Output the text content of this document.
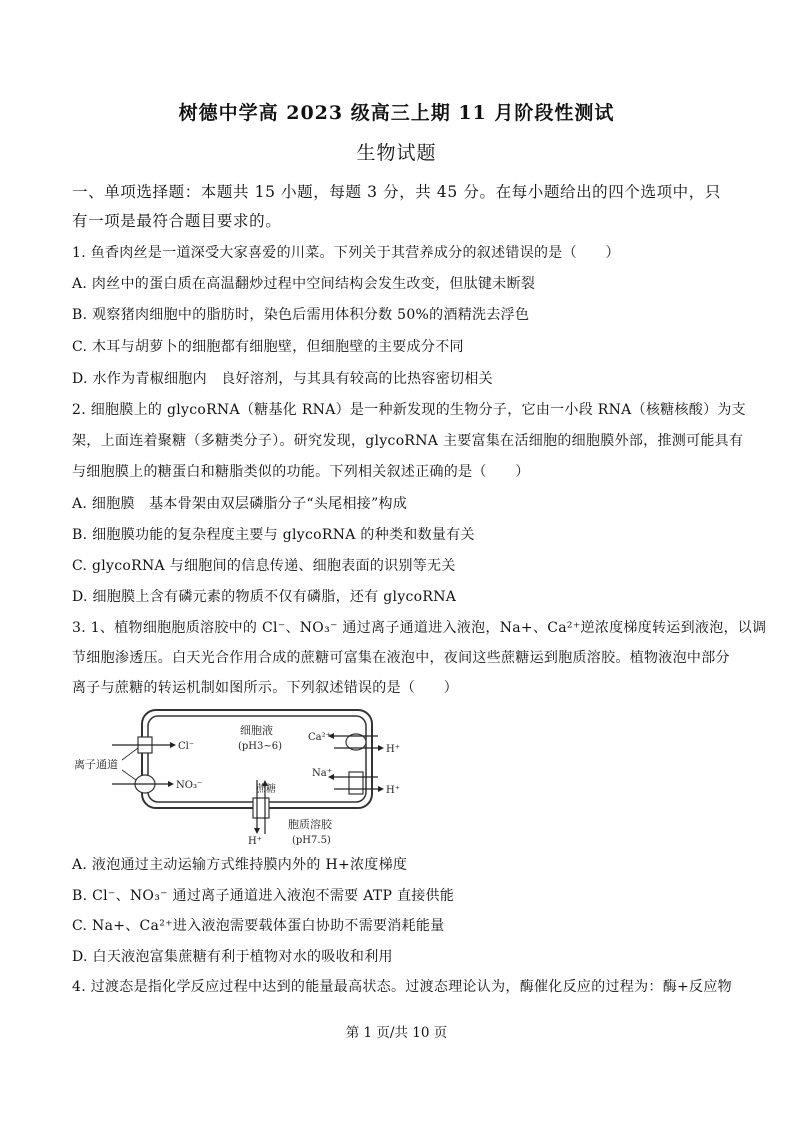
树德中学高 2023 级高三上期 11 月阶段性测试
生物试题
一、单项选择题：本题共 15 小题，每题 3 分，共 45 分。在每小题给出的四个选项中，只
有一项是最符合题目要求的。
1. 鱼香肉丝是一道深受大家喜爱的川菜。下列关于其营养成分的叙述错误的是（　　）
A. 肉丝中的蛋白质在高温翻炒过程中空间结构会发生改变，但肽键未断裂
B. 观察猪肉细胞中的脂肪时，染色后需用体积分数 50%的酒精洗去浮色
C. 木耳与胡萝卜的细胞都有细胞壁，但细胞壁的主要成分不同
D. 水作为青椒细胞内　良好溶剂，与其具有较高的比热容密切相关
2. 细胞膜上的 glycoRNA（糖基化 RNA）是一种新发现的生物分子，它由一小段 RNA（核糖核酸）为支
架，上面连着聚糖（多糖类分子）。研究发现，glycoRNA 主要富集在活细胞的细胞膜外部，推测可能具有
与细胞膜上的糖蛋白和糖脂类似的功能。下列相关叙述正确的是（　　）
A. 细胞膜　基本骨架由双层磷脂分子“头尾相接”构成
B. 细胞膜功能的复杂程度主要与 glycoRNA 的种类和数量有关
C. glycoRNA 与细胞间的信息传递、细胞表面的识别等无关
D. 细胞膜上含有磷元素的物质不仅有磷脂，还有 glycoRNA
3. 1、植物细胞胞质溶胶中的 Cl⁻、NO₃⁻ 通过离子通道进入液泡，Na+、Ca²⁺逆浓度梯度转运到液泡，以调
节细胞渗透压。白天光合作用合成的蔗糖可富集在液泡中，夜间这些蔗糖运到胞质溶胶。植物液泡中部分
离子与蔗糖的转运机制如图所示。下列叙述错误的是（　　）
细胞液
(pH3~6)
Cl⁻
NO₃⁻
离子通道
Ca²⁺
H⁺
Na⁺
H⁺
蔗糖
H⁺
胞质溶胶
(pH7.5)
A. 液泡通过主动运输方式维持膜内外的 H+浓度梯度
B. Cl⁻、NO₃⁻ 通过离子通道进入液泡不需要 ATP 直接供能
C. Na+、Ca²⁺进入液泡需要载体蛋白协助不需要消耗能量
D. 白天液泡富集蔗糖有利于植物对水的吸收和利用
4. 过渡态是指化学反应过程中达到的能量最高状态。过渡态理论认为，酶催化反应的过程为：酶+反应物
第 1 页/共 10 页
